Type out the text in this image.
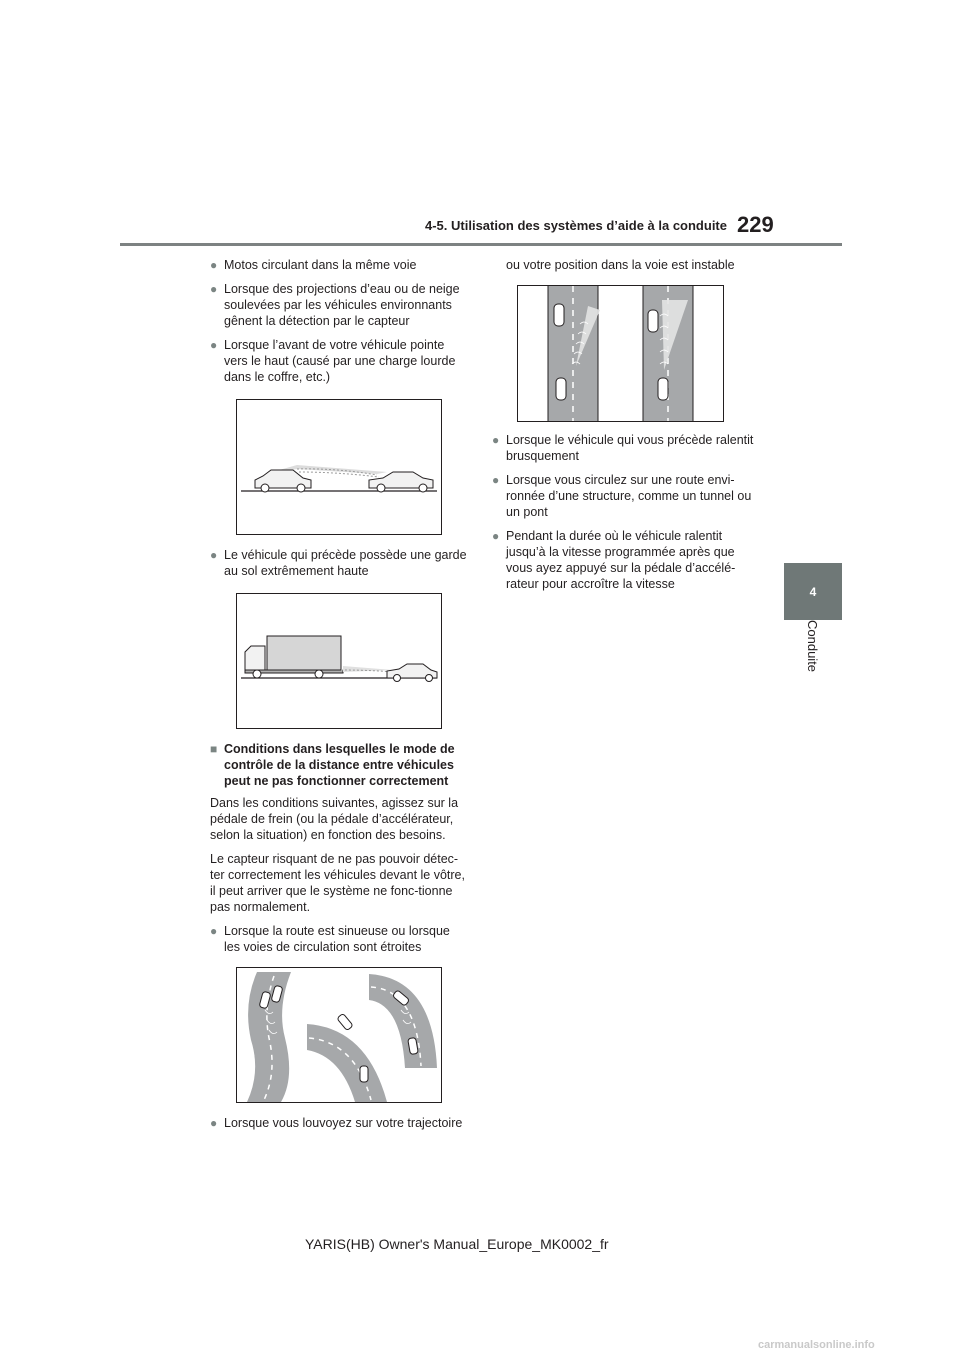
4-5. Utilisation des systèmes d’aide à la conduite 229
4
Conduite
● Motos circulant dans la même voie
● Lorsque des projections d’eau ou de neige soulevées par les véhicules environnants gênent la détection par le capteur
● Lorsque l’avant de votre véhicule pointe vers le haut (causé par une charge lourde dans le coffre, etc.)
● Le véhicule qui précède possède une garde au sol extrêmement haute
■ Conditions dans lesquelles le mode de contrôle de la distance entre véhicules peut ne pas fonctionner correctement

Dans les conditions suivantes, agissez sur la pédale de frein (ou la pédale d’accélérateur, selon la situation) en fonction des besoins.

Le capteur risquant de ne pas pouvoir détec-ter correctement les véhicules devant le vôtre, il peut arriver que le système ne fonc-tionne pas normalement.

● Lorsque la route est sinueuse ou lorsque les voies de circulation sont étroites
● Lorsque vous louvoyez sur votre trajectoire

ou votre position dans la voie est instable

● Lorsque le véhicule qui vous précède ralentit brusquement
● Lorsque vous circulez sur une route envi-ronnée d’une structure, comme un tunnel ou un pont
● Pendant la durée où le véhicule ralentit jusqu’à la vitesse programmée après que vous ayez appuyé sur la pédale d’accélé-rateur pour accroître la vitesse
YARIS(HB) Owner's Manual_Europe_MK0002_fr
carmanualsonline.info
